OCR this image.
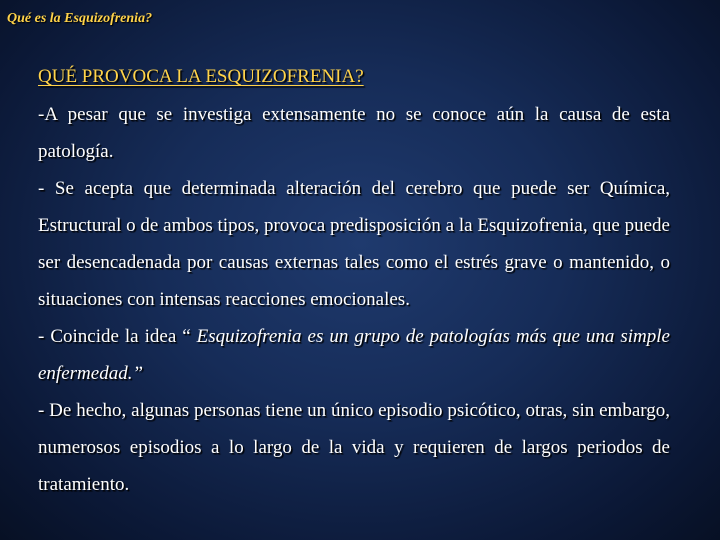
Qué es la Esquizofrenia?
QUÉ PROVOCA LA ESQUIZOFRENIA?

-A pesar que se investiga extensamente no se conoce aún la causa de esta patología.

- Se acepta que determinada alteración del cerebro que puede ser Química, Estructural o de ambos tipos, provoca predisposición a la Esquizofrenia, que puede ser desencadenada por causas externas tales como el estrés grave o mantenido, o situaciones con intensas reacciones emocionales.

- Coincide la idea “ Esquizofrenia es un grupo de patologías más que una simple enfermedad.”

- De hecho, algunas personas tiene un único episodio psicótico, otras, sin embargo, numerosos episodios a lo largo de la vida y requieren de largos periodos de tratamiento.
